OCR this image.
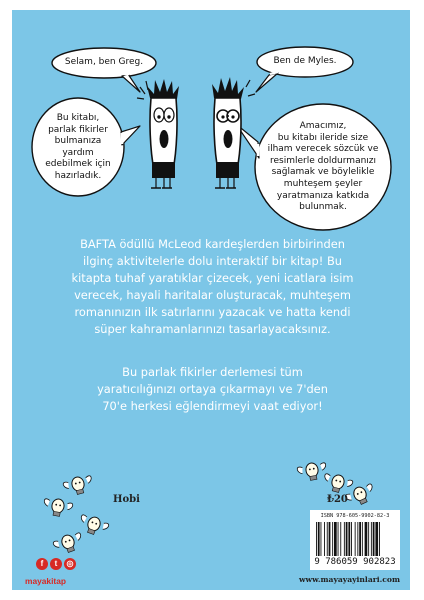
Selam, ben Greg.	Ben de Myles.
Bu kitabı,
parlak fikirler
bulmanıza
yardım
edebilmek için
hazırladık.
Amacımız,
bu kitabı ileride size
ilham verecek sözcük ve
resimlerle doldurmanızı
sağlamak ve böylelikle
muhteşem şeyler
yaratmanıza katkıda
bulunmak.
BAFTA ödüllü McLeod kardeşlerden birbirinden
ilginç aktivitelerle dolu interaktif bir kitap! Bu
kitapta tuhaf yaratıklar çizecek, yeni icatlara isim
verecek, hayali haritalar oluşturacak, muhteşem
romanınızın ilk satırlarını yazacak ve hatta kendi
süper kahramanlarınızı tasarlayacaksınız.
Bu parlak fikirler derlemesi tüm
yaratıcılığınızı ortaya çıkarmayı ve 7'den
70'e herkesi eğlendirmeyi vaat ediyor!
Hobi	₺20
ISBN 978-605-9902-82-3
9 786059 902823
www.mayayayinlari.com
f	t	◎
mayakitap
